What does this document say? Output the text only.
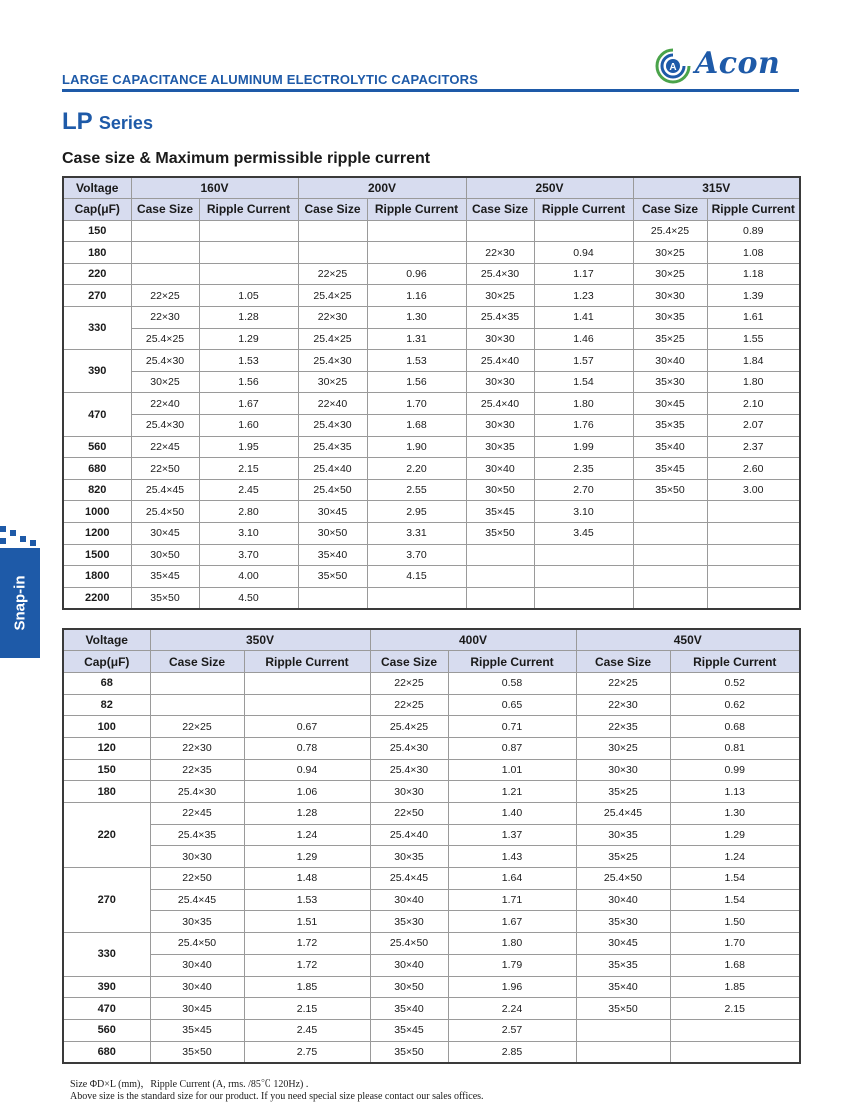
LARGE CAPACITANCE ALUMINUM ELECTROLYTIC CAPACITORS
A Acon
LP Series
Case size & Maximum permissible ripple current
Voltage	160V		200V		250V		315V	
Cap(μF)	Case Size	Ripple Current	Case Size	Ripple Current	Case Size	Ripple Current	Case Size	Ripple Current
150							25.4×25	0.89
180					22×30	0.94	30×25	1.08
220			22×25	0.96	25.4×30	1.17	30×25	1.18
270	22×25	1.05	25.4×25	1.16	30×25	1.23	30×30	1.39
330	22×30	1.28	22×30	1.30	25.4×35	1.41	30×35	1.61
	25.4×25	1.29	25.4×25	1.31	30×30	1.46	35×25	1.55
390	25.4×30	1.53	25.4×30	1.53	25.4×40	1.57	30×40	1.84
	30×25	1.56	30×25	1.56	30×30	1.54	35×30	1.80
470	22×40	1.67	22×40	1.70	25.4×40	1.80	30×45	2.10
	25.4×30	1.60	25.4×30	1.68	30×30	1.76	35×35	2.07
560	22×45	1.95	25.4×35	1.90	30×35	1.99	35×40	2.37
680	22×50	2.15	25.4×40	2.20	30×40	2.35	35×45	2.60
820	25.4×45	2.45	25.4×50	2.55	30×50	2.70	35×50	3.00
1000	25.4×50	2.80	30×45	2.95	35×45	3.10		
1200	30×45	3.10	30×50	3.31	35×50	3.45		
1500	30×50	3.70	35×40	3.70				
1800	35×45	4.00	35×50	4.15				
2200	35×50	4.50						
Voltage	350V		400V		450V	
Cap(μF)	Case Size	Ripple Current	Case Size	Ripple Current	Case Size	Ripple Current
68			22×25	0.58	22×25	0.52
82			22×25	0.65	22×30	0.62
100	22×25	0.67	25.4×25	0.71	22×35	0.68
120	22×30	0.78	25.4×30	0.87	30×25	0.81
150	22×35	0.94	25.4×30	1.01	30×30	0.99
180	25.4×30	1.06	30×30	1.21	35×25	1.13
220	22×45	1.28	22×50	1.40	25.4×45	1.30
	25.4×35	1.24	25.4×40	1.37	30×35	1.29
	30×30	1.29	30×35	1.43	35×25	1.24
270	22×50	1.48	25.4×45	1.64	25.4×50	1.54
	25.4×45	1.53	30×40	1.71	30×40	1.54
	30×35	1.51	35×30	1.67	35×30	1.50
330	25.4×50	1.72	25.4×50	1.80	30×45	1.70
	30×40	1.72	30×40	1.79	35×35	1.68
390	30×40	1.85	30×50	1.96	35×40	1.85
470	30×45	2.15	35×40	2.24	35×50	2.15
560	35×45	2.45	35×45	2.57		
680	35×50	2.75	35×50	2.85		
Snap-in
Size ΦD×L (mm)，Ripple Current (A, rms. /85℃ 120Hz) .
Above size is the standard size for our product. If you need special size please contact our sales offices.
